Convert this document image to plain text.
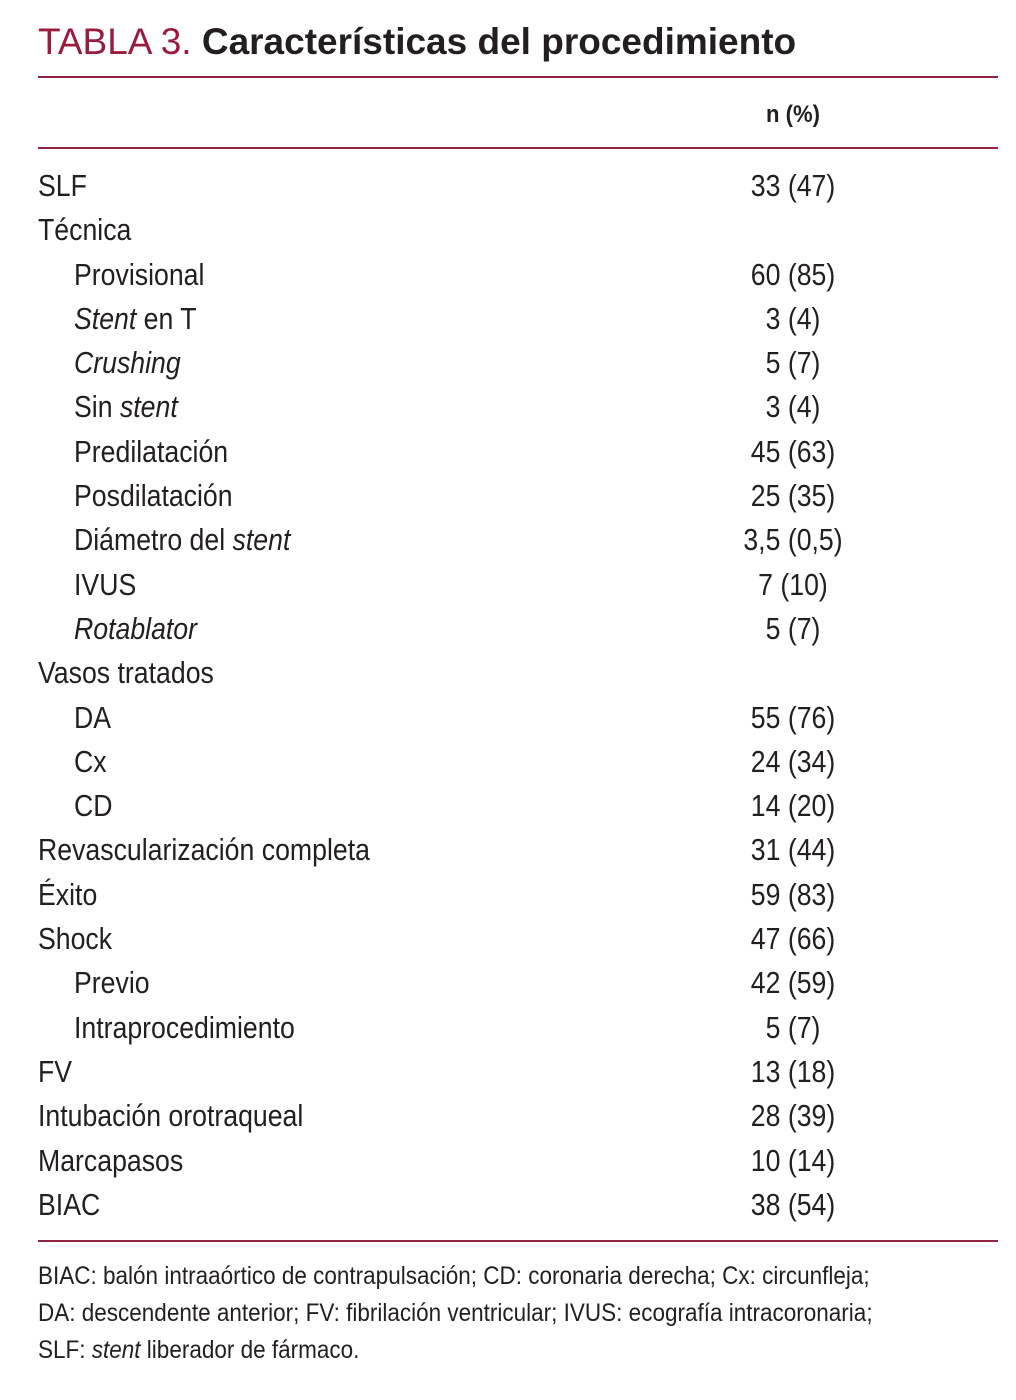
TABLA 3. Características del procedimiento
n (%)
SLF	33 (47)
Técnica
Provisional	60 (85)
Stent en T	3 (4)
Crushing	5 (7)
Sin stent	3 (4)
Predilatación	45 (63)
Posdilatación	25 (35)
Diámetro del stent	3,5 (0,5)
IVUS	7 (10)
Rotablator	5 (7)
Vasos tratados
DA	55 (76)
Cx	24 (34)
CD	14 (20)
Revascularización completa	31 (44)
Éxito	59 (83)
Shock	47 (66)
Previo	42 (59)
Intraprocedimiento	5 (7)
FV	13 (18)
Intubación orotraqueal	28 (39)
Marcapasos	10 (14)
BIAC	38 (54)
BIAC: balón intraaórtico de contrapulsación; CD: coronaria derecha; Cx: circunfleja;
DA: descendente anterior; FV: fibrilación ventricular; IVUS: ecografía intracoronaria;
SLF: stent liberador de fármaco.
